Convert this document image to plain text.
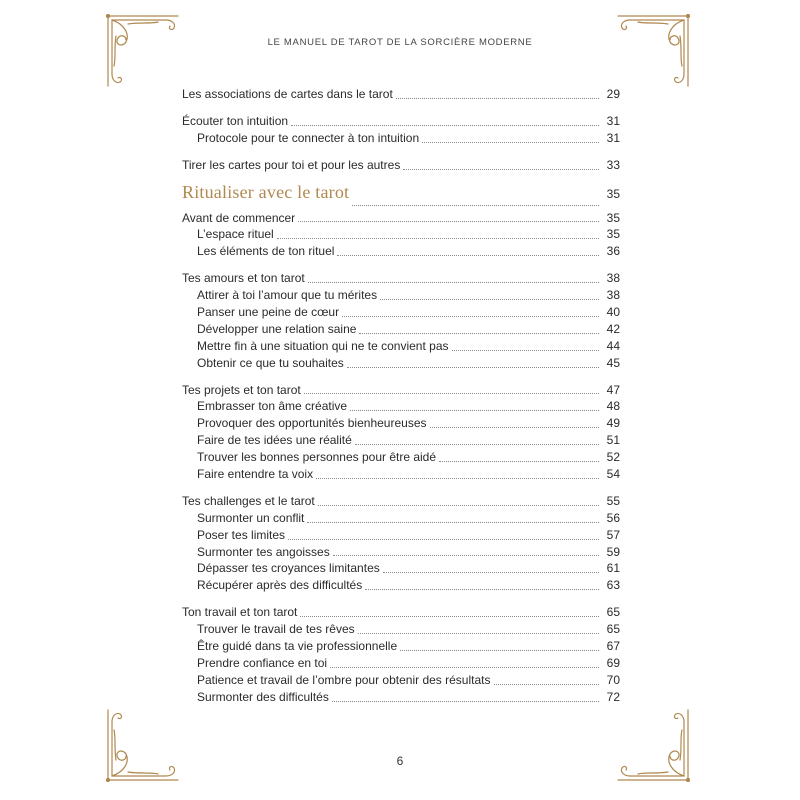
LE MANUEL DE TAROT DE LA SORCIÈRE MODERNE
Les associations de cartes dans le tarot	29
Écouter ton intuition	31
Protocole pour te connecter à ton intuition	31
Tirer les cartes pour toi et pour les autres	33
Ritualiser avec le tarot	35
Avant de commencer	35
L’espace rituel	35
Les éléments de ton rituel	36
Tes amours et ton tarot	38
Attirer à toi l’amour que tu mérites	38
Panser une peine de cœur	40
Développer une relation saine	42
Mettre fin à une situation qui ne te convient pas	44
Obtenir ce que tu souhaites	45
Tes projets et ton tarot	47
Embrasser ton âme créative	48
Provoquer des opportunités bienheureuses	49
Faire de tes idées une réalité	51
Trouver les bonnes personnes pour être aidé	52
Faire entendre ta voix	54
Tes challenges et le tarot	55
Surmonter un conflit	56
Poser tes limites	57
Surmonter tes angoisses	59
Dépasser tes croyances limitantes	61
Récupérer après des difficultés	63
Ton travail et ton tarot	65
Trouver le travail de tes rêves	65
Être guidé dans ta vie professionnelle	67
Prendre confiance en toi	69
Patience et travail de l’ombre pour obtenir des résultats	70
Surmonter des difficultés	72
6
